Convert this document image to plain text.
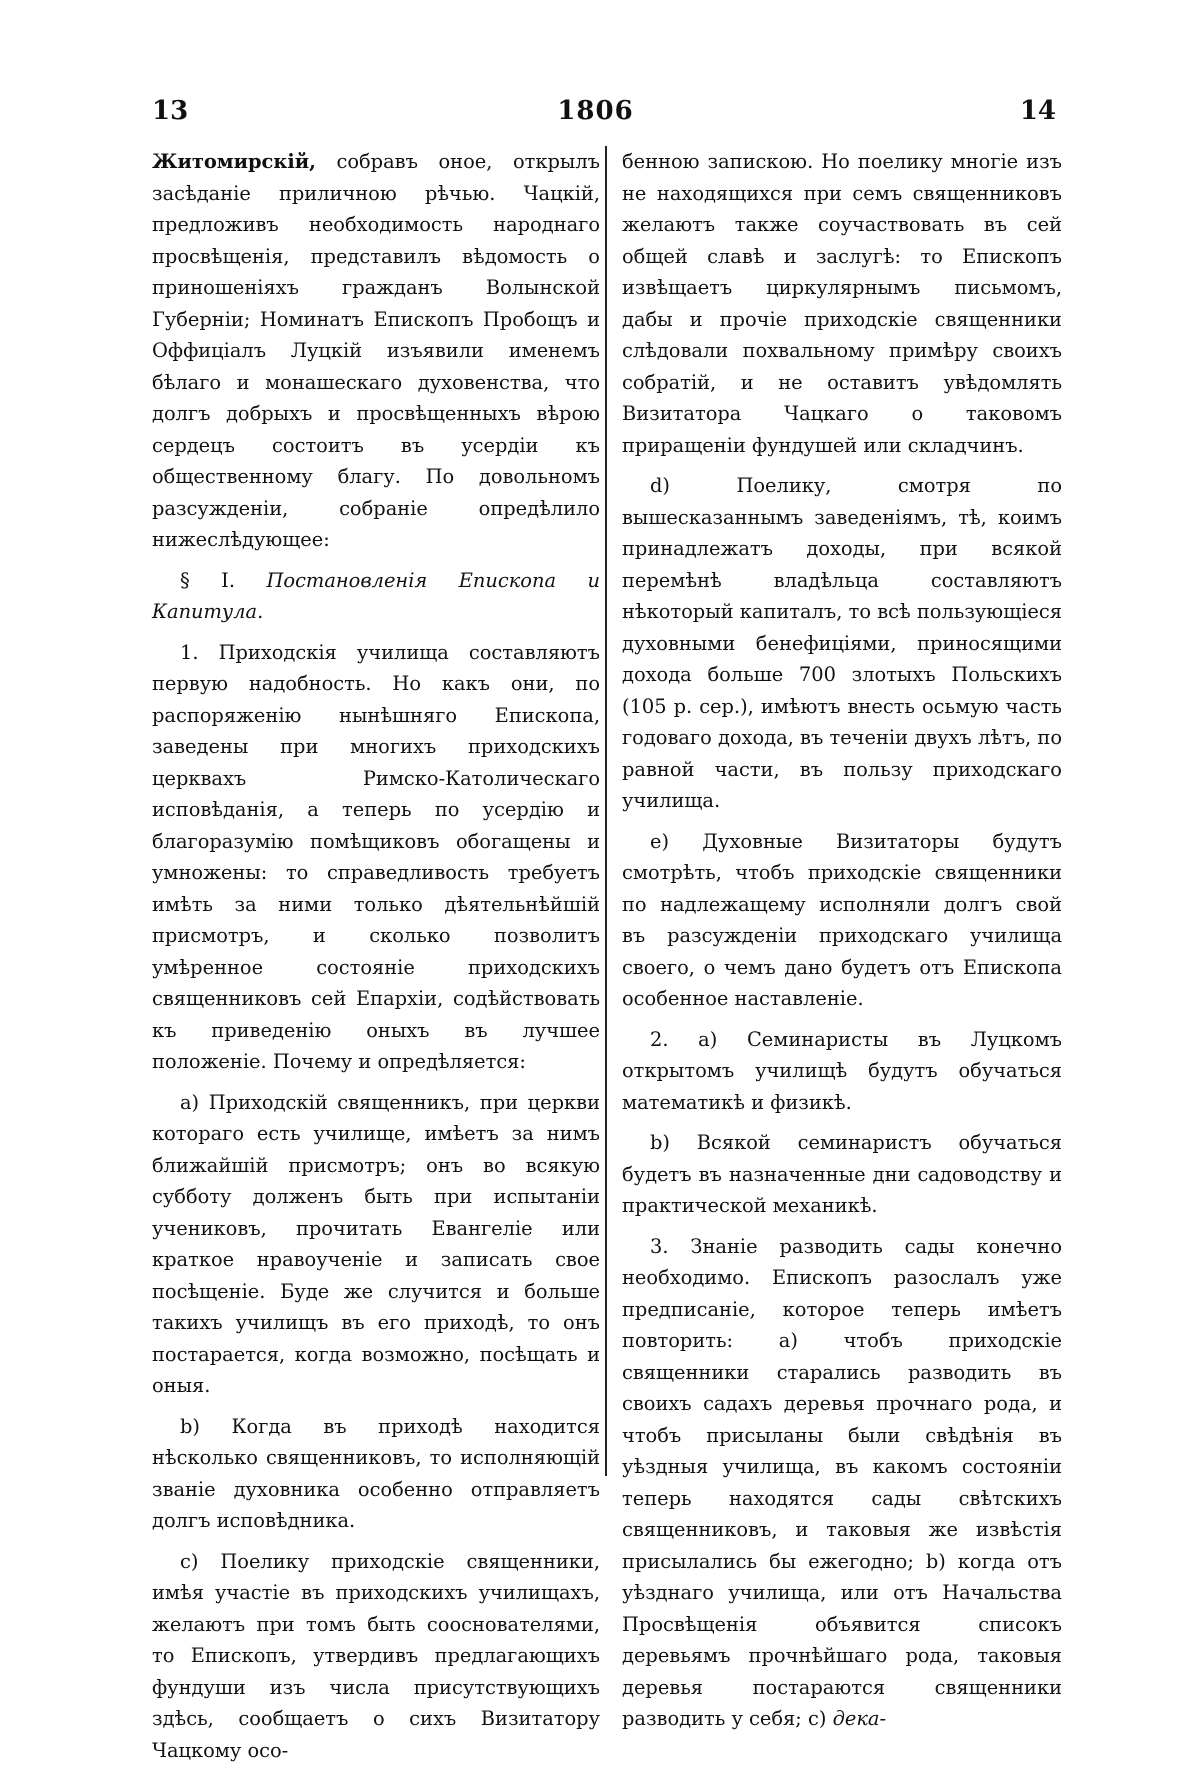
13	1806	14

Житомирскій, собравъ оное, открылъ засѣданіе приличною рѣчью. Чацкій, предложивъ необходимость народнаго просвѣщенія, представилъ вѣдомость о приношеніяхъ гражданъ Волынской Губерніи; Номинатъ Епископъ Пробощъ и Оффиціалъ Луцкій изъявили именемъ бѣлаго и монашескаго духовенства, что долгъ добрыхъ и просвѣщенныхъ вѣрою сердецъ состоитъ въ усердіи къ общественному благу. По довольномъ разсужденіи, собраніе опредѣлило нижеслѣдующее:

§ I. Постановленія Епископа и Капитула.

1. Приходскія училища составляютъ первую надобность. Но какъ они, по распоряженію нынѣшняго Епископа, заведены при многихъ приходскихъ церквахъ Римско-Католическаго исповѣданія, а теперь по усердію и благоразумію помѣщиковъ обогащены и умножены: то справедливость требуетъ имѣть за ними только дѣятельнѣйшій присмотръ, и сколько позволитъ умѣренное состояніе приходскихъ священниковъ сей Епархіи, содѣйствовать къ приведенію оныхъ въ лучшее положеніе. Почему и опредѣляется:

а) Приходскій священникъ, при церкви котораго есть училище, имѣетъ за нимъ ближайшій присмотръ; онъ во всякую субботу долженъ быть при испытаніи учениковъ, прочитать Евангеліе или краткое нравоученіе и записать свое посѣщеніе. Буде же случится и больше такихъ училищъ въ его приходѣ, то онъ постарается, когда возможно, посѣщать и оныя.

b) Когда въ приходѣ находится нѣсколько священниковъ, то исполняющій званіе духовника особенно отправляетъ долгъ исповѣдника.

c) Поелику приходскіе священники, имѣя участіе въ приходскихъ училищахъ, желаютъ при томъ быть сооснователями, то Епископъ, утвердивъ предлагающихъ фундуши изъ числа присутствующихъ здѣсь, сообщаетъ о сихъ Визитатору Чацкому осо-

бенною запискою. Но поелику многіе изъ не находящихся при семъ священниковъ желаютъ также соучаствовать въ сей общей славѣ и заслугѣ: то Епископъ извѣщаетъ циркулярнымъ письмомъ, дабы и прочіе приходскіе священники слѣдовали похвальному примѣру своихъ собратій, и не оставитъ увѣдомлять Визитатора Чацкаго о таковомъ приращеніи фундушей или складчинъ.

d) Поелику, смотря по вышесказаннымъ заведеніямъ, тѣ, коимъ принадлежатъ доходы, при всякой перемѣнѣ владѣльца составляютъ нѣкоторый капиталъ, то всѣ пользующіеся духовными бенефиціями, приносящими дохода больше 700 злотыхъ Польскихъ (105 р. сер.), имѣютъ внесть осьмую часть годоваго дохода, въ теченіи двухъ лѣтъ, по равной части, въ пользу приходскаго училища.

e) Духовные Визитаторы будутъ смотрѣть, чтобъ приходскіе священники по надлежащему исполняли долгъ свой въ разсужденіи приходскаго училища своего, о чемъ дано будетъ отъ Епископа особенное наставленіе.

2. а) Семинаристы въ Луцкомъ открытомъ училищѣ будутъ обучаться математикѣ и физикѣ.

b) Всякой семинаристъ обучаться будетъ въ назначенные дни садоводству и практической механикѣ.

3. Знаніе разводить сады конечно необходимо. Епископъ разослалъ уже предписаніе, которое теперь имѣетъ повторить: а) чтобъ приходскіе священники старались разводить въ своихъ садахъ деревья прочнаго рода, и чтобъ присыланы были свѣдѣнія въ уѣздныя училища, въ какомъ состояніи теперь находятся сады свѣтскихъ священниковъ, и таковыя же извѣстія присылались бы ежегодно; b) когда отъ уѣзднаго училища, или отъ Начальства Просвѣщенія объявится списокъ деревьямъ прочнѣйшаго рода, таковыя деревья постараются священники разводить у себя; с) дека-
